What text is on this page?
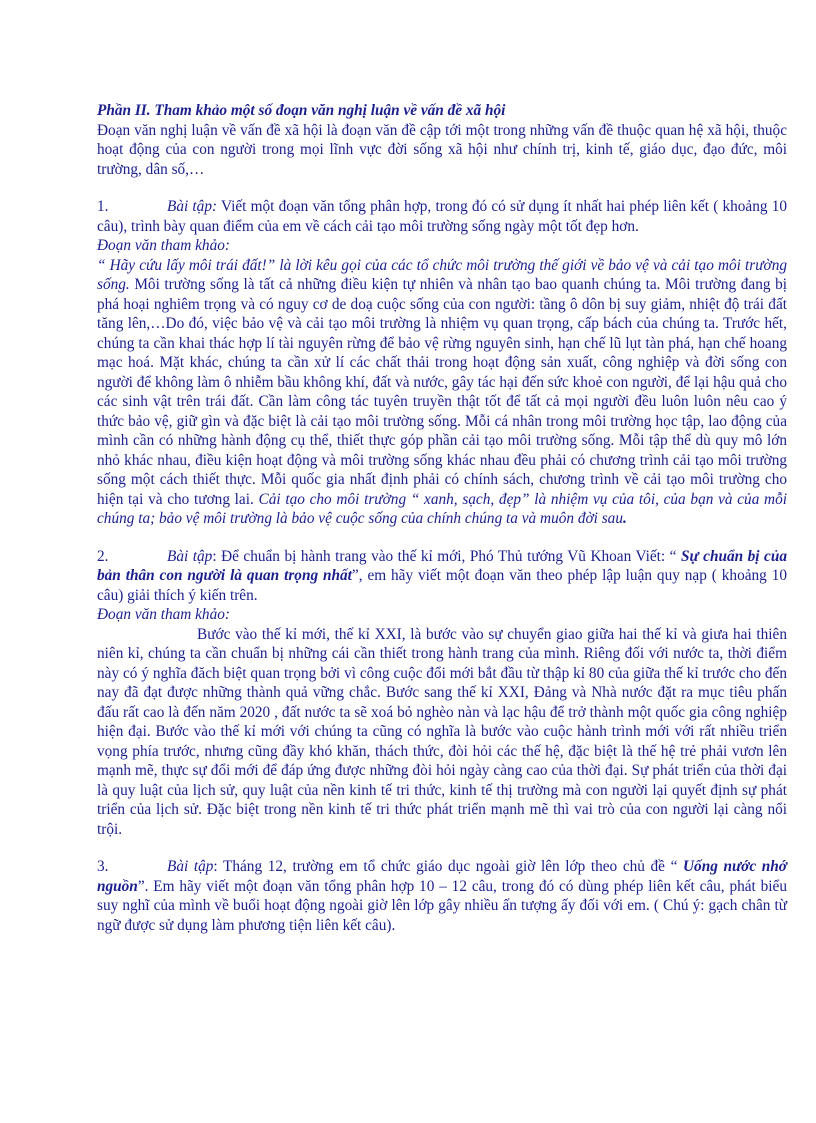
Phần II. Tham khảo một số đoạn văn nghị luận về vấn đề xã hội

Đoạn văn nghị luận về vấn đề xã hội là đoạn văn đề cập tới một trong những vấn đề thuộc quan hệ xã hội, thuộc hoạt động của con người trong mọi lĩnh vực đời sống xã hội như chính trị, kinh tế, giáo dục, đạo đức, môi trường, dân số,…

1.	Bài tập: Viết một đoạn văn tổng phân hợp, trong đó có sử dụng ít nhất hai phép liên kết ( khoảng 10 câu), trình bày quan điểm của em về cách cải tạo môi trường sống ngày một tốt đẹp hơn.

Đoạn văn tham khảo:

“ Hãy cứu lấy môi trái đất!” là lời kêu gọi của các tổ chức môi trường thế giới về bảo vệ và cải tạo môi trường sống. Môi trường sống là tất cả những điều kiện tự nhiên và nhân tạo bao quanh chúng ta. Môi trường đang bị phá hoại nghiêm trọng và có nguy cơ de doạ cuộc sống của con người: tầng ô dôn bị suy giảm, nhiệt độ trái đất tăng lên,…Do đó, việc bảo vệ và cải tạo môi trường là nhiệm vụ quan trọng, cấp bách của chúng ta. Trước hết, chúng ta cần khai thác hợp lí tài nguyên rừng để bảo vệ rừng nguyên sinh, hạn chế lũ lụt tàn phá, hạn chế hoang mạc hoá. Mặt khác, chúng ta cần xử lí các chất thải trong hoạt động sản xuất, công nghiệp và đời sống con người để không làm ô nhiễm bầu không khí, đất và nước, gây tác hại đến sức khoẻ con người, để lại hậu quả cho các sinh vật trên trái đất. Cần làm công tác tuyên truyền thật tốt để tất cả mọi người đều luôn luôn nêu cao ý thức bảo vệ, giữ gìn và đặc biệt là cải tạo môi trường sống. Mỗi cá nhân trong môi trường học tập, lao động của mình cần có những hành động cụ thể, thiết thực góp phần cải tạo môi trường sống. Mỗi tập thể dù quy mô lớn nhỏ khác nhau, điều kiện hoạt động và môi trường sống khác nhau đều phải có chương trình cải tạo môi trường sống một cách thiết thực. Mỗi quốc gia nhất định phải có chính sách, chương trình về cải tạo môi trường cho hiện tại và cho tương lai. Cải tạo cho môi trường “ xanh, sạch, đẹp” là nhiệm vụ của tôi, của bạn và của mỗi chúng ta; bảo vệ môi trường là bảo vệ cuộc sống của chính chúng ta và muôn đời sau.

2.	Bài tập: Để chuẩn bị hành trang vào thế kỉ mới, Phó Thủ tướng Vũ Khoan Viết: “ Sự chuẩn bị của bản thân con người là quan trọng nhất”, em hãy viết một đoạn văn theo phép lập luận quy nạp ( khoảng 10 câu) giải thích ý kiến trên.

Đoạn văn tham khảo:

Bước vào thế kỉ mới, thế kỉ XXI, là bước vào sự chuyển giao giữa hai thế kỉ và giưa hai thiên niên kỉ, chúng ta cần chuẩn bị những cái cần thiết trong hành trang của mình. Riêng đối với nước ta, thời điểm này có ý nghĩa đăch biệt quan trọng bởi vì công cuộc đổi mới bắt đầu từ thập kỉ 80 của giữa thế kỉ trước cho đến nay đã đạt được những thành quả vững chắc. Bước sang thế kỉ XXI, Đảng và Nhà nước đặt ra mục tiêu phấn đấu rất cao là đến năm 2020 , đất nước ta sẽ xoá bỏ nghèo nàn và lạc hậu để trở thành một quốc gia công nghiệp hiện đại. Bước vào thế kỉ mới với chúng ta cũng có nghĩa là bước vào cuộc hành trình mới với rất nhiều triển vọng phía trước, nhưng cũng đầy khó khăn, thách thức, đòi hỏi các thế hệ, đặc biệt là thế hệ trẻ phải vươn lên mạnh mẽ, thực sự đổi mới để đáp ứng được những đòi hỏi ngày càng cao của thời đại. Sự phát triển của thời đại là quy luật của lịch sử, quy luật của nền kinh tế tri thức, kinh tế thị trường mà con người lại quyết định sự phát triển của lịch sử. Đặc biệt trong nền kinh tế tri thức phát triển mạnh mẽ thì vai trò của con người lại càng nổi trội.

3.	Bài tập: Tháng 12, trường em tổ chức giáo dục ngoài giờ lên lớp theo chủ đề “ Uống nước nhớ nguồn”. Em hãy viết một đoạn văn tổng phân hợp 10 – 12 câu, trong đó có dùng phép liên kết câu, phát biểu suy nghĩ của mình về buổi hoạt động ngoài giờ lên lớp gây nhiều ấn tượng ấy đối với em. ( Chú ý: gạch chân từ ngữ được sử dụng làm phương tiện liên kết câu).
